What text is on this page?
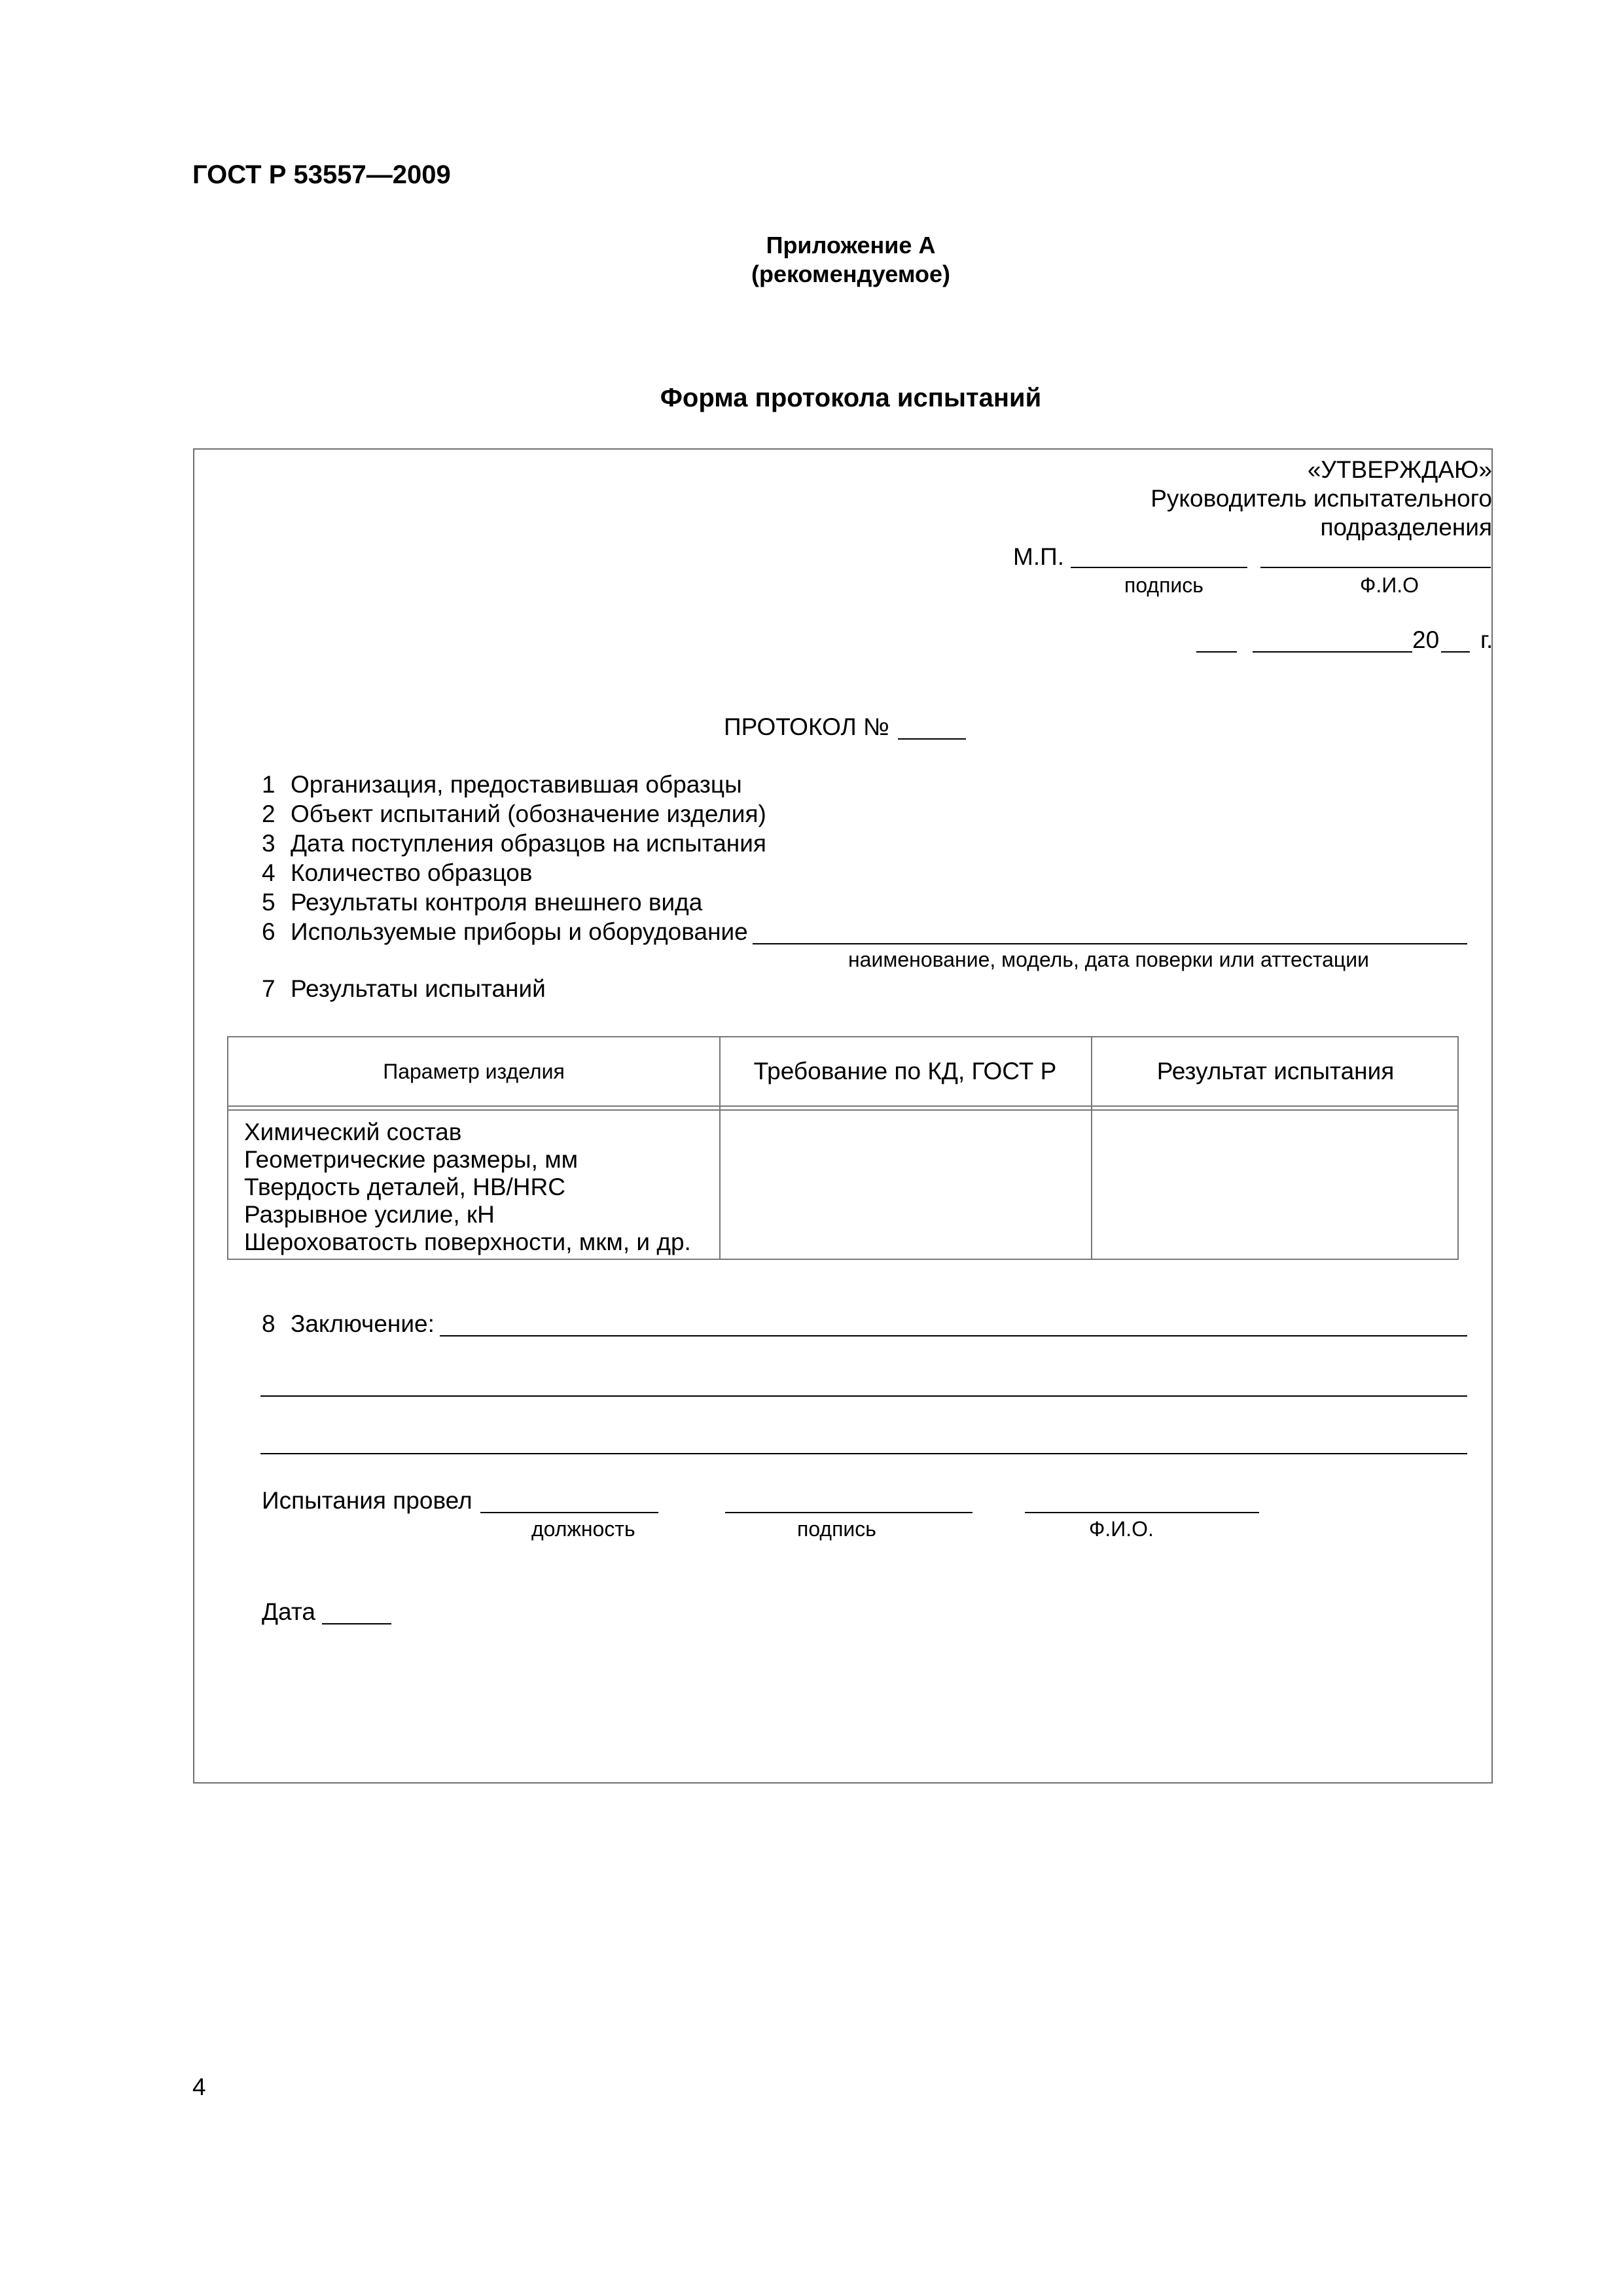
ГОСТ Р 53557—2009
Приложение А
(рекомендуемое)
Форма протокола испытаний
«УТВЕРЖДАЮ»
Руководитель испытательного
подразделения
М.П.
подпись	Ф.И.О
20 г.
ПРОТОКОЛ №
1 Организация, предоставившая образцы
2 Объект испытаний (обозначение изделия)
3 Дата поступления образцов на испытания
4 Количество образцов
5 Результаты контроля внешнего вида
6 Используемые приборы и оборудование
наименование, модель, дата поверки или аттестации
7 Результаты испытаний
Параметр изделия	Требование по КД, ГОСТ Р	Результат испытания
Химический состав
Геометрические размеры, мм
Твердость деталей, HB/HRC
Разрывное усилие, кН
Шероховатость поверхности, мкм, и др.
8 Заключение:
Испытания провел
должность	подпись	Ф.И.О.
Дата
4
